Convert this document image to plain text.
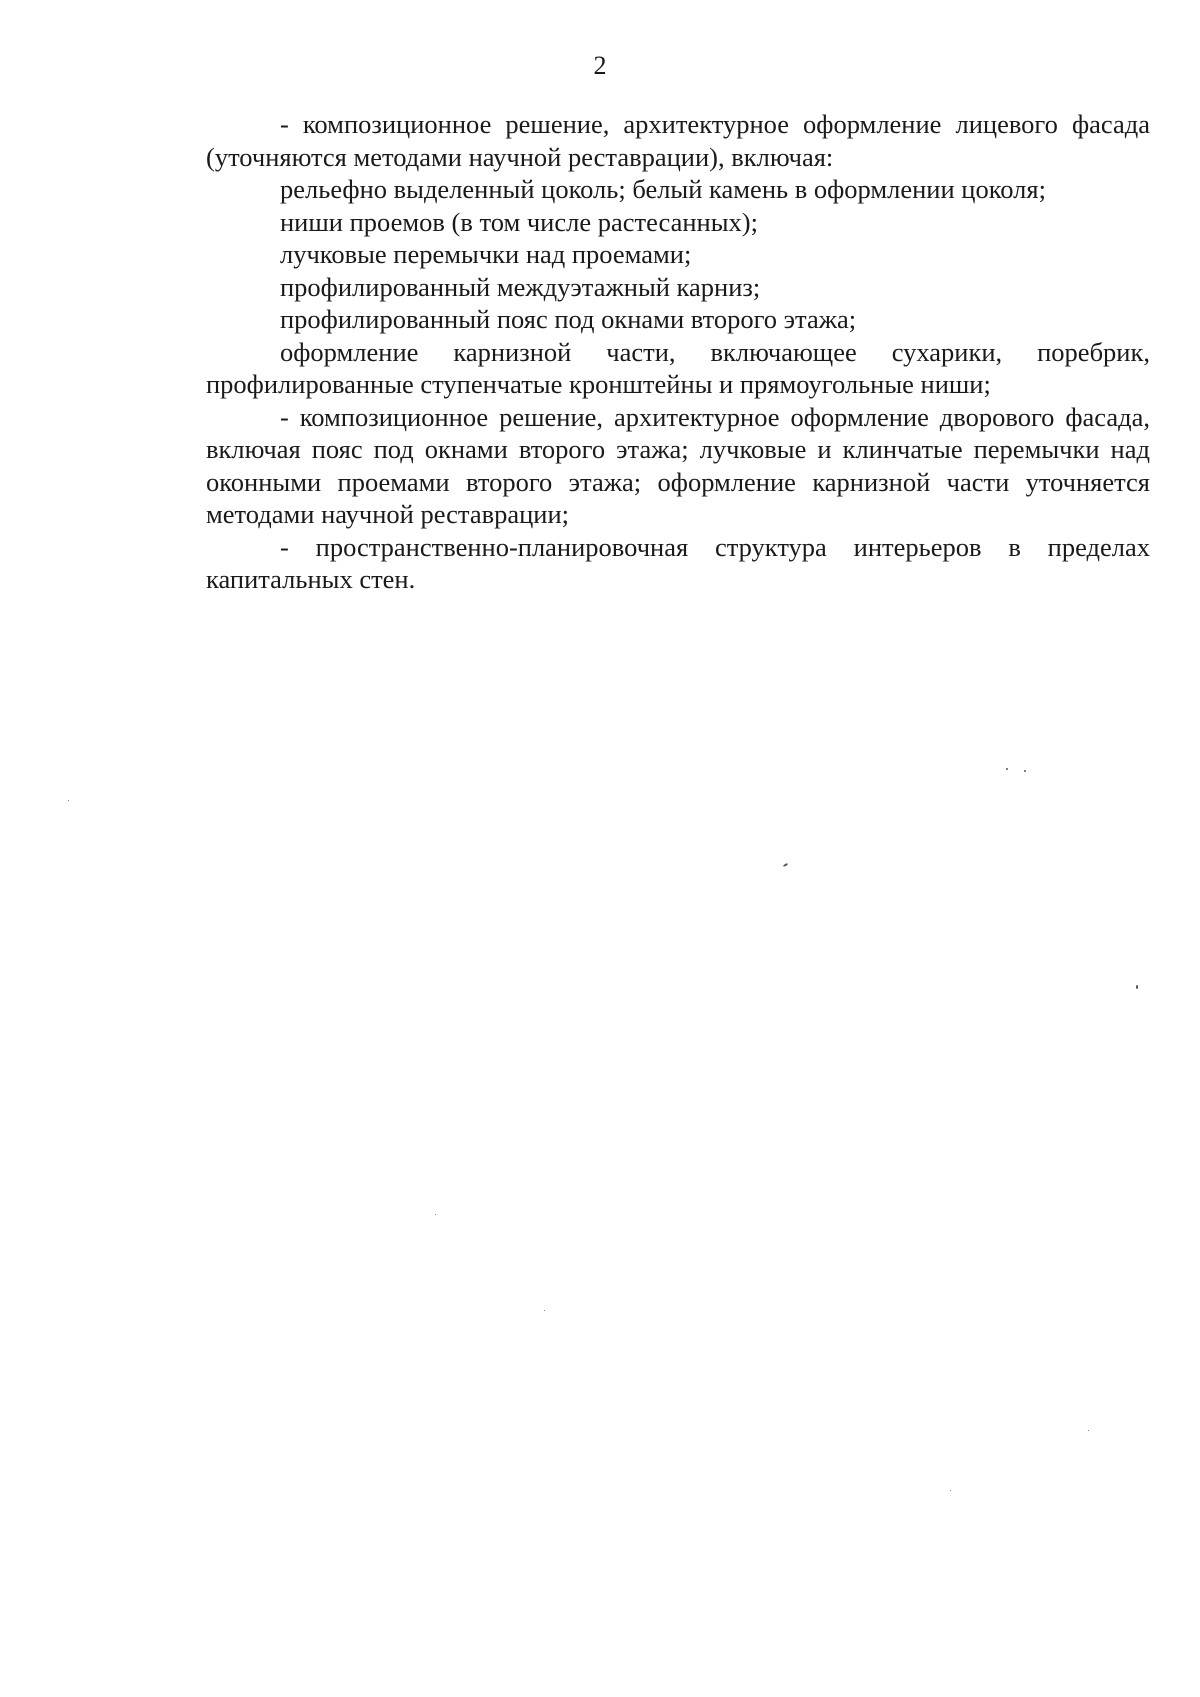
2

- композиционное решение, архитектурное оформление лицевого фасада (уточняются методами научной реставрации), включая:

рельефно выделенный цоколь; белый камень в оформлении цоколя;

ниши проемов (в том числе растесанных);

лучковые перемычки над проемами;

профилированный междуэтажный карниз;

профилированный пояс под окнами второго этажа;

оформление карнизной части, включающее сухарики, поребрик, профилированные ступенчатые кронштейны и прямоугольные ниши;

- композиционное решение, архитектурное оформление дворового фасада, включая пояс под окнами второго этажа; лучковые и клинчатые перемычки над оконными проемами второго этажа; оформление карнизной части уточняется методами научной реставрации;

- пространственно-планировочная структура интерьеров в пределах капитальных стен.
